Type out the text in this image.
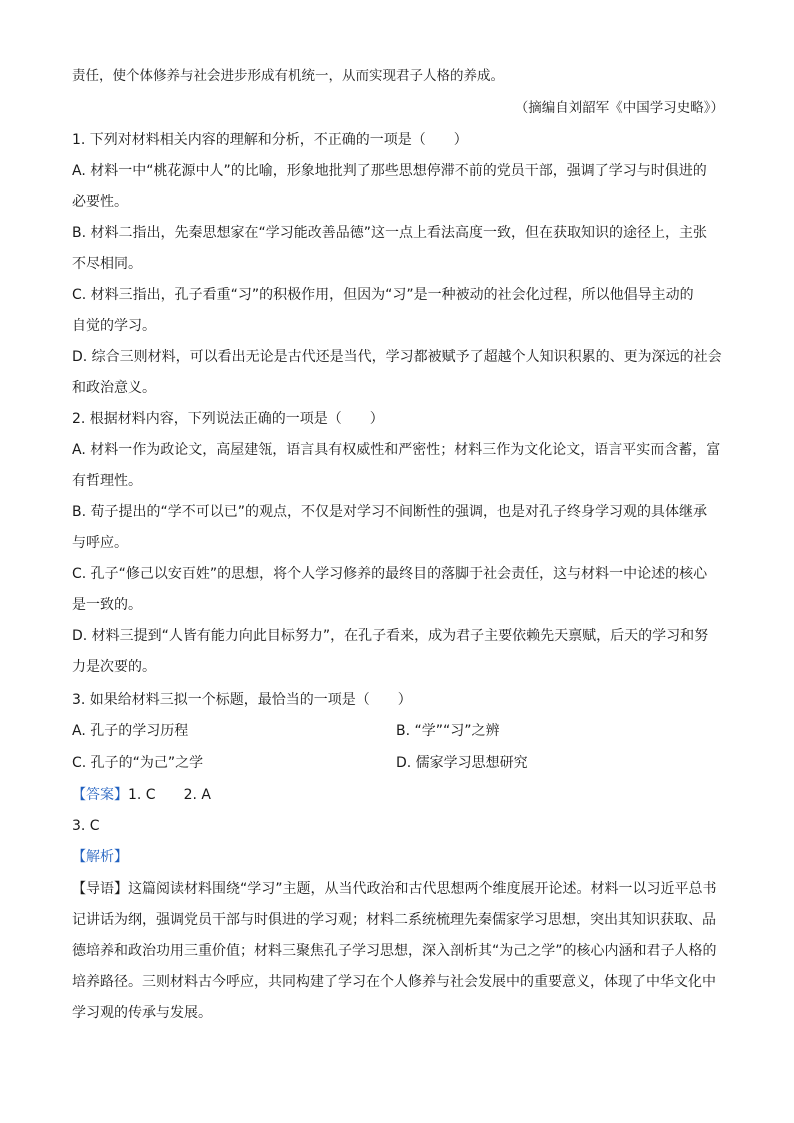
责任，使个体修养与社会进步形成有机统一，从而实现君子人格的养成。
（摘编自刘韶军《中国学习史略》）
1. 下列对材料相关内容的理解和分析，不正确的一项是（　　）
A. 材料一中“桃花源中人”的比喻，形象地批判了那些思想停滞不前的党员干部，强调了学习与时俱进的
必要性。
B. 材料二指出，先秦思想家在“学习能改善品德”这一点上看法高度一致，但在获取知识的途径上，主张
不尽相同。
C. 材料三指出，孔子看重“习”的积极作用，但因为“习”是一种被动的社会化过程，所以他倡导主动的
自觉的学习。
D. 综合三则材料，可以看出无论是古代还是当代，学习都被赋予了超越个人知识积累的、更为深远的社会
和政治意义。
2. 根据材料内容，下列说法正确的一项是（　　）
A. 材料一作为政论文，高屋建瓴，语言具有权威性和严密性；材料三作为文化论文，语言平实而含蓄，富
有哲理性。
B. 荀子提出的“学不可以已”的观点，不仅是对学习不间断性的强调，也是对孔子终身学习观的具体继承
与呼应。
C. 孔子“修己以安百姓”的思想，将个人学习修养的最终目的落脚于社会责任，这与材料一中论述的核心
是一致的。
D. 材料三提到“人皆有能力向此目标努力”，在孔子看来，成为君子主要依赖先天禀赋，后天的学习和努
力是次要的。
3. 如果给材料三拟一个标题，最恰当的一项是（　　）
A. 孔子的学习历程	B. “学”“习”之辨
C. 孔子的“为己”之学	D. 儒家学习思想研究
【答案】1. C　　2. A
3. C
【解析】
【导语】这篇阅读材料围绕“学习”主题，从当代政治和古代思想两个维度展开论述。材料一以习近平总书记讲话为纲，强调党员干部与时俱进的学习观；材料二系统梳理先秦儒家学习思想，突出其知识获取、品德培养和政治功用三重价值；材料三聚焦孔子学习思想，深入剖析其“为己之学”的核心内涵和君子人格的培养路径。三则材料古今呼应，共同构建了学习在个人修养与社会发展中的重要意义，体现了中华文化中学习观的传承与发展。
